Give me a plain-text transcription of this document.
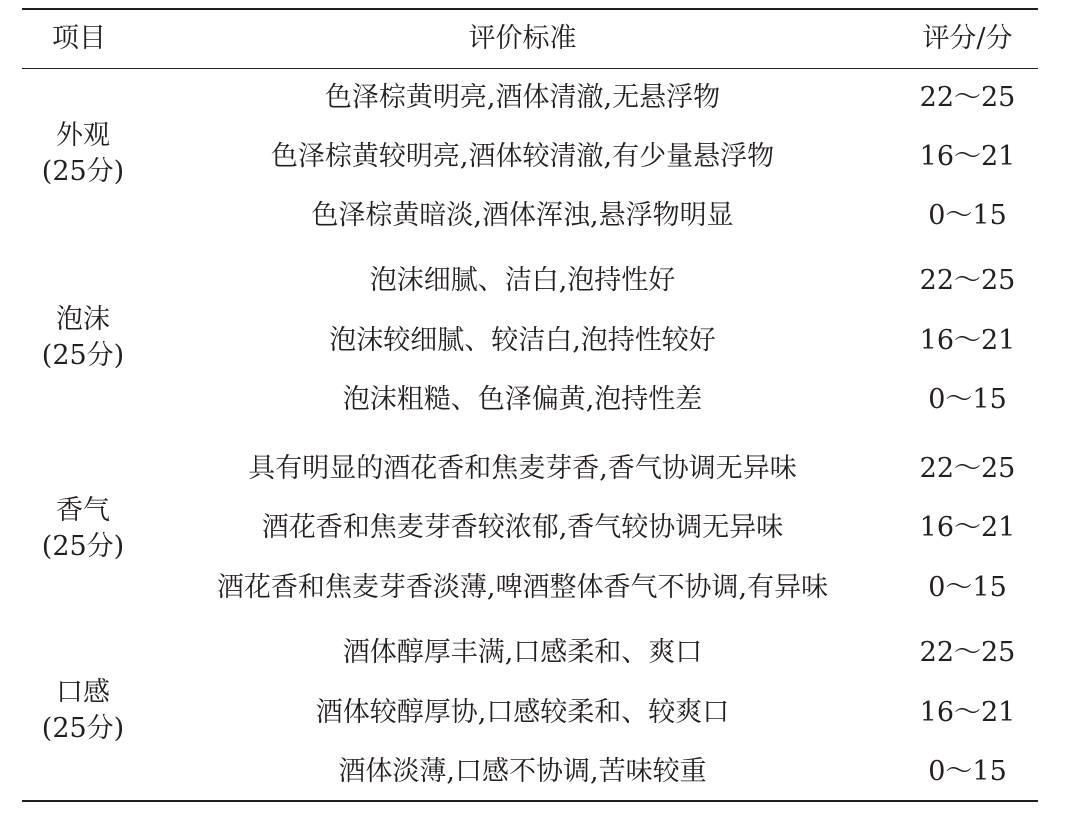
项目	评价标准	评分/分
外观
(25分)
色泽棕黄明亮,酒体清澈,无悬浮物	22～25
色泽棕黄较明亮,酒体较清澈,有少量悬浮物	16～21
色泽棕黄暗淡,酒体浑浊,悬浮物明显	0～15
泡沫
(25分)
泡沫细腻、洁白,泡持性好	22～25
泡沫较细腻、较洁白,泡持性较好	16～21
泡沫粗糙、色泽偏黄,泡持性差	0～15
香气
(25分)
具有明显的酒花香和焦麦芽香,香气协调无异味	22～25
酒花香和焦麦芽香较浓郁,香气较协调无异味	16～21
酒花香和焦麦芽香淡薄,啤酒整体香气不协调,有异味	0～15
口感
(25分)
酒体醇厚丰满,口感柔和、爽口	22～25
酒体较醇厚协,口感较柔和、较爽口	16～21
酒体淡薄,口感不协调,苦味较重	0～15
